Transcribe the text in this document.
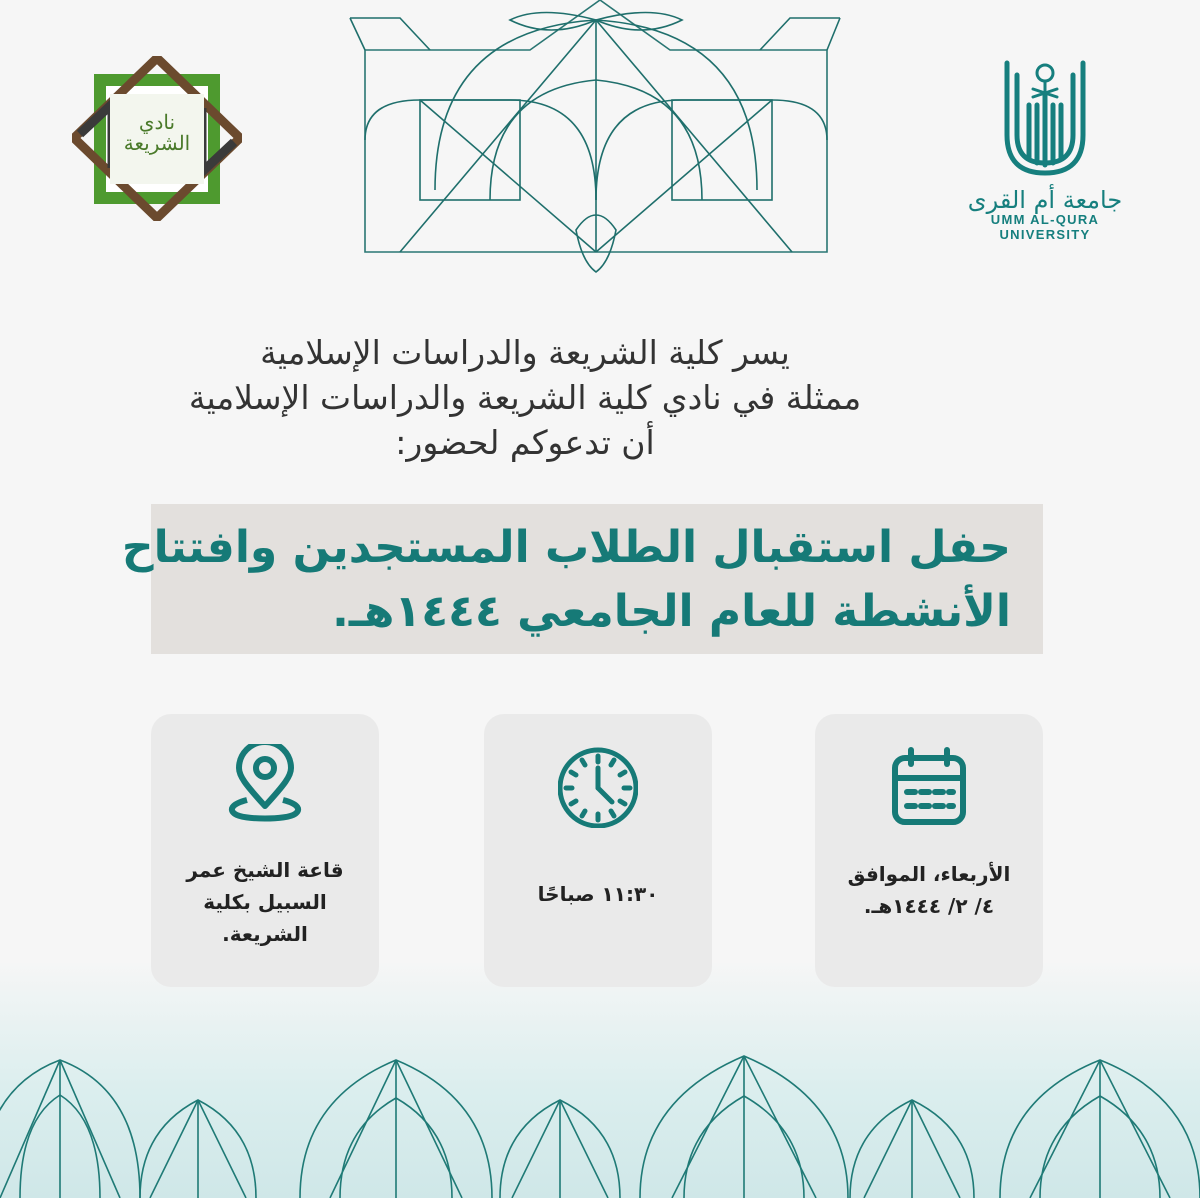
نادي
الشريعة
جامعة أم القرى
UMM AL-QURA UNIVERSITY
يسر كلية الشريعة والدراسات الإسلامية
ممثلة في نادي كلية الشريعة والدراسات الإسلامية
أن تدعوكم لحضور:
حفل استقبال الطلاب المستجدين وافتتاح
الأنشطة للعام الجامعي ١٤٤٤هـ.
قاعة الشيخ عمر
السبيل بكلية
الشريعة.
١١:٣٠ صباحًا
الأربعاء، الموافق
٤/ ٢/ ١٤٤٤هـ.
